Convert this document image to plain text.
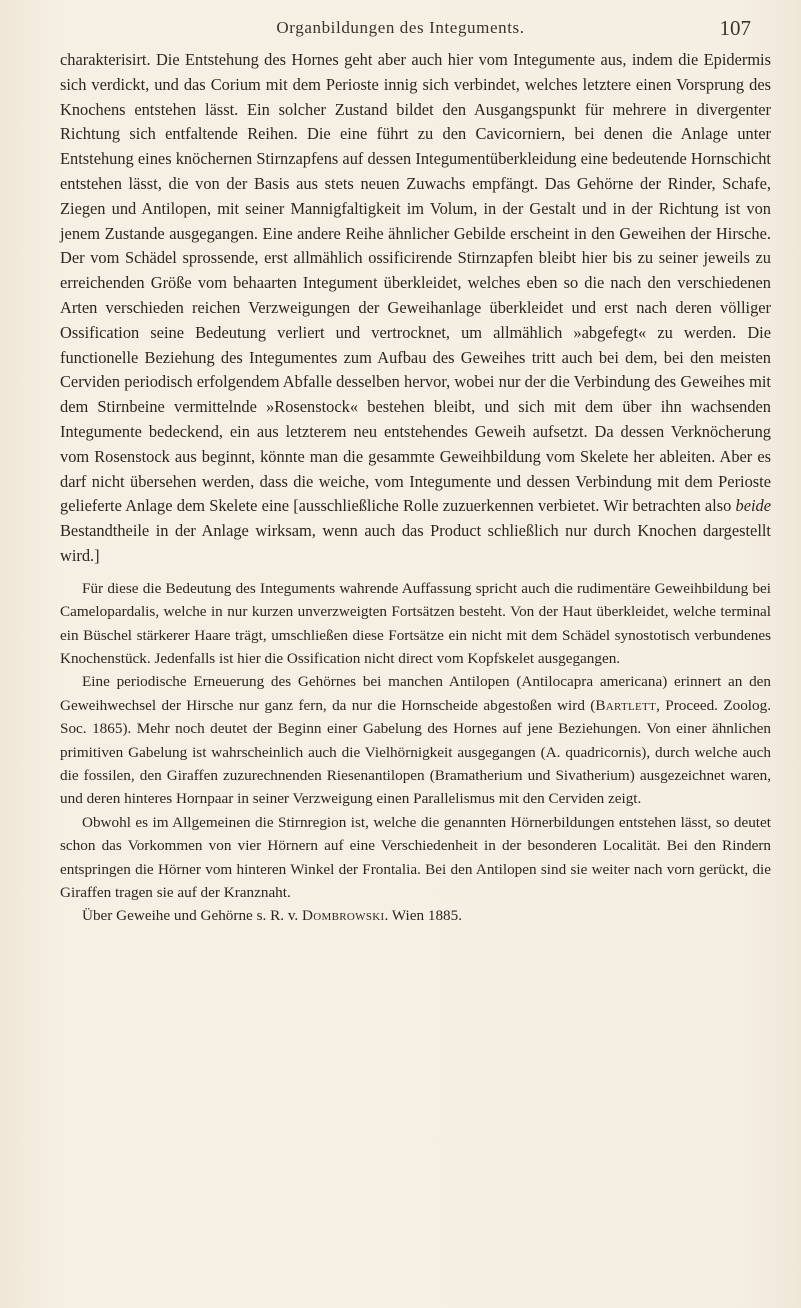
Organbildungen des Integuments.	107

charakterisirt. Die Entstehung des Hornes geht aber auch hier vom Integumente aus, indem die Epidermis sich verdickt, und das Corium mit dem Perioste innig sich verbindet, welches letztere einen Vorsprung des Knochens entstehen lässt. Ein solcher Zustand bildet den Ausgangspunkt für mehrere in divergenter Richtung sich entfaltende Reihen. Die eine führt zu den Cavicorniern, bei denen die Anlage unter Entstehung eines knöchernen Stirnzapfens auf dessen Integumentüberkleidung eine bedeutende Hornschicht entstehen lässt, die von der Basis aus stets neuen Zuwachs empfängt. Das Gehörne der Rinder, Schafe, Ziegen und Antilopen, mit seiner Mannigfaltigkeit im Volum, in der Gestalt und in der Richtung ist von jenem Zustande ausgegangen. Eine andere Reihe ähnlicher Gebilde erscheint in den Geweihen der Hirsche. Der vom Schädel sprossende, erst allmählich ossificirende Stirnzapfen bleibt hier bis zu seiner jeweils zu erreichenden Größe vom behaarten Integument überkleidet, welches eben so die nach den verschiedenen Arten verschieden reichen Verzweigungen der Geweihanlage überkleidet und erst nach deren völliger Ossification seine Bedeutung verliert und vertrocknet, um allmählich »abgefegt« zu werden. Die functionelle Beziehung des Integumentes zum Aufbau des Geweihes tritt auch bei dem, bei den meisten Cerviden periodisch erfolgendem Abfalle desselben hervor, wobei nur der die Verbindung des Geweihes mit dem Stirnbeine vermittelnde »Rosenstock« bestehen bleibt, und sich mit dem über ihn wachsenden Integumente bedeckend, ein aus letzterem neu entstehendes Geweih aufsetzt. Da dessen Verknöcherung vom Rosenstock aus beginnt, könnte man die gesammte Geweihbildung vom Skelete her ableiten. Aber es darf nicht übersehen werden, dass die weiche, vom Integumente und dessen Verbindung mit dem Perioste gelieferte Anlage dem Skelete eine [ausschließliche Rolle zuzuerkennen verbietet. Wir betrachten also beide Bestandtheile in der Anlage wirksam, wenn auch das Product schließlich nur durch Knochen dargestellt wird.]

Für diese die Bedeutung des Integuments wahrende Auffassung spricht auch die rudimentäre Geweihbildung bei Camelopardalis, welche in nur kurzen unverzweigten Fortsätzen besteht. Von der Haut überkleidet, welche terminal ein Büschel stärkerer Haare trägt, umschließen diese Fortsätze ein nicht mit dem Schädel synostotisch verbundenes Knochenstück. Jedenfalls ist hier die Ossification nicht direct vom Kopfskelet ausgegangen.

Eine periodische Erneuerung des Gehörnes bei manchen Antilopen (Antilocapra americana) erinnert an den Geweihwechsel der Hirsche nur ganz fern, da nur die Hornscheide abgestoßen wird (Bartlett, Proceed. Zoolog. Soc. 1865). Mehr noch deutet der Beginn einer Gabelung des Hornes auf jene Beziehungen. Von einer ähnlichen primitiven Gabelung ist wahrscheinlich auch die Vielhörnigkeit ausgegangen (A. quadricornis), durch welche auch die fossilen, den Giraffen zuzurechnenden Riesenantilopen (Bramatherium und Sivatherium) ausgezeichnet waren, und deren hinteres Hornpaar in seiner Verzweigung einen Parallelismus mit den Cerviden zeigt.

Obwohl es im Allgemeinen die Stirnregion ist, welche die genannten Hörnerbildungen entstehen lässt, so deutet schon das Vorkommen von vier Hörnern auf eine Verschiedenheit in der besonderen Localität. Bei den Rindern entspringen die Hörner vom hinteren Winkel der Frontalia. Bei den Antilopen sind sie weiter nach vorn gerückt, die Giraffen tragen sie auf der Kranznaht.

Über Geweihe und Gehörne s. R. v. Dombrowski. Wien 1885.
